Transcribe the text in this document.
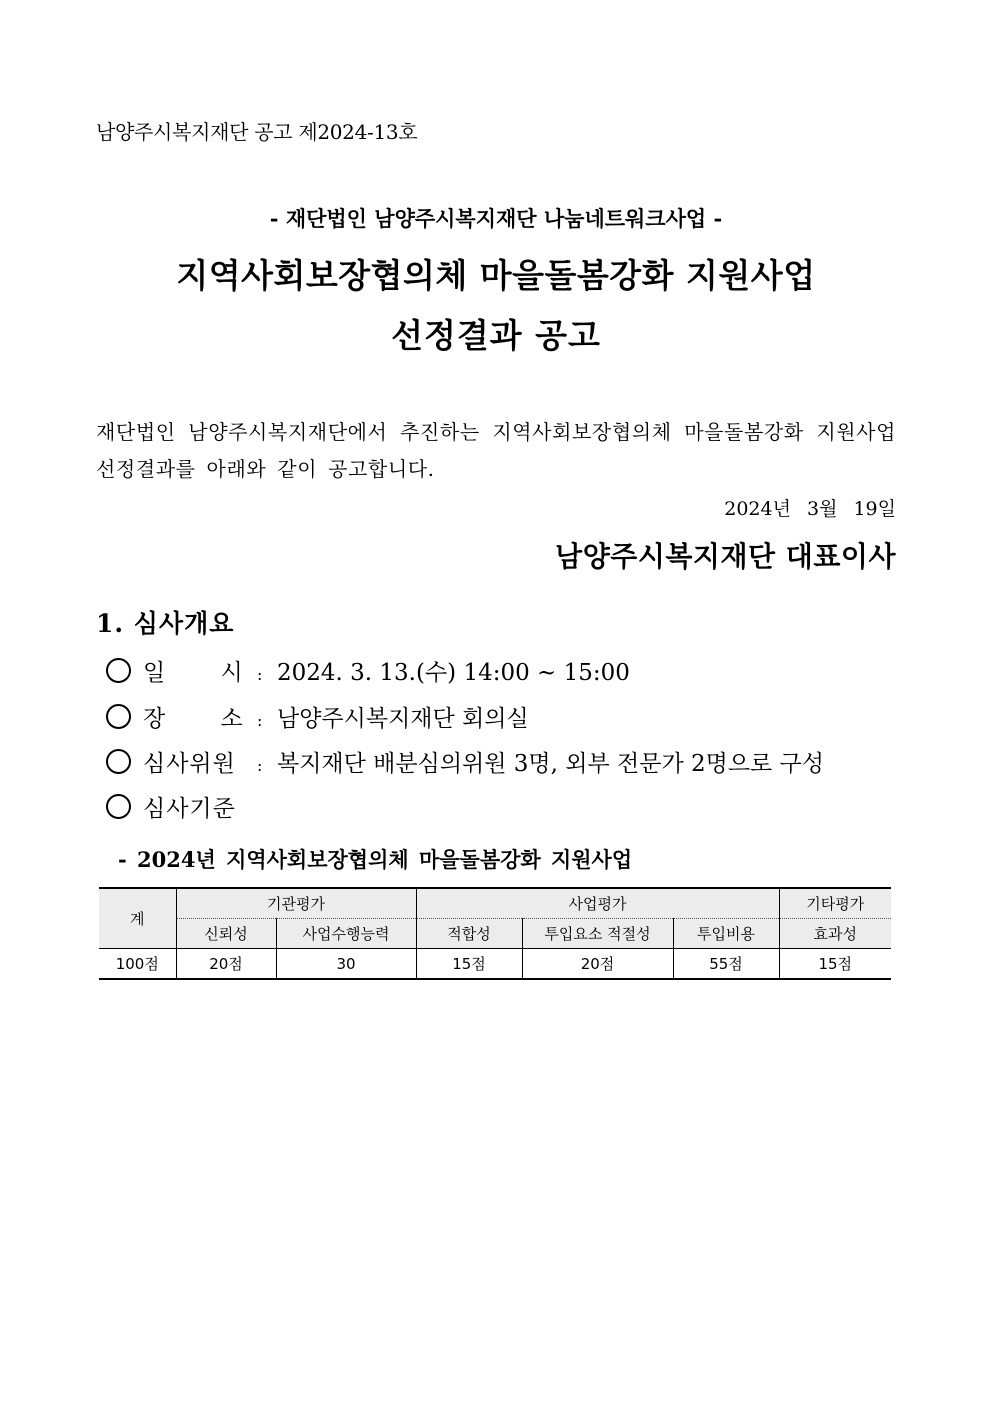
남양주시복지재단 공고 제2024-13호
- 재단법인 남양주시복지재단 나눔네트워크사업 -
지역사회보장협의체 마을돌봄강화 지원사업
선정결과 공고
재단법인 남양주시복지재단에서 추진하는 지역사회보장협의체 마을돌봄강화 지원사업 선정결과를 아래와 같이 공고합니다.
2024년 3월 19일
남양주시복지재단 대표이사
1. 심사개요
일 시 : 2024. 3. 13.(수) 14:00 ~ 15:00
장 소 : 남양주시복지재단 회의실
심사위원 : 복지재단 배분심의위원 3명, 외부 전문가 2명으로 구성
심사기준
- 2024년 지역사회보장협의체 마을돌봄강화 지원사업
계	기관평가		사업평가			기타평가
	신뢰성	사업수행능력	적합성	투입요소 적절성	투입비용	효과성
100점	20점	30	15점	20점	55점	15점
